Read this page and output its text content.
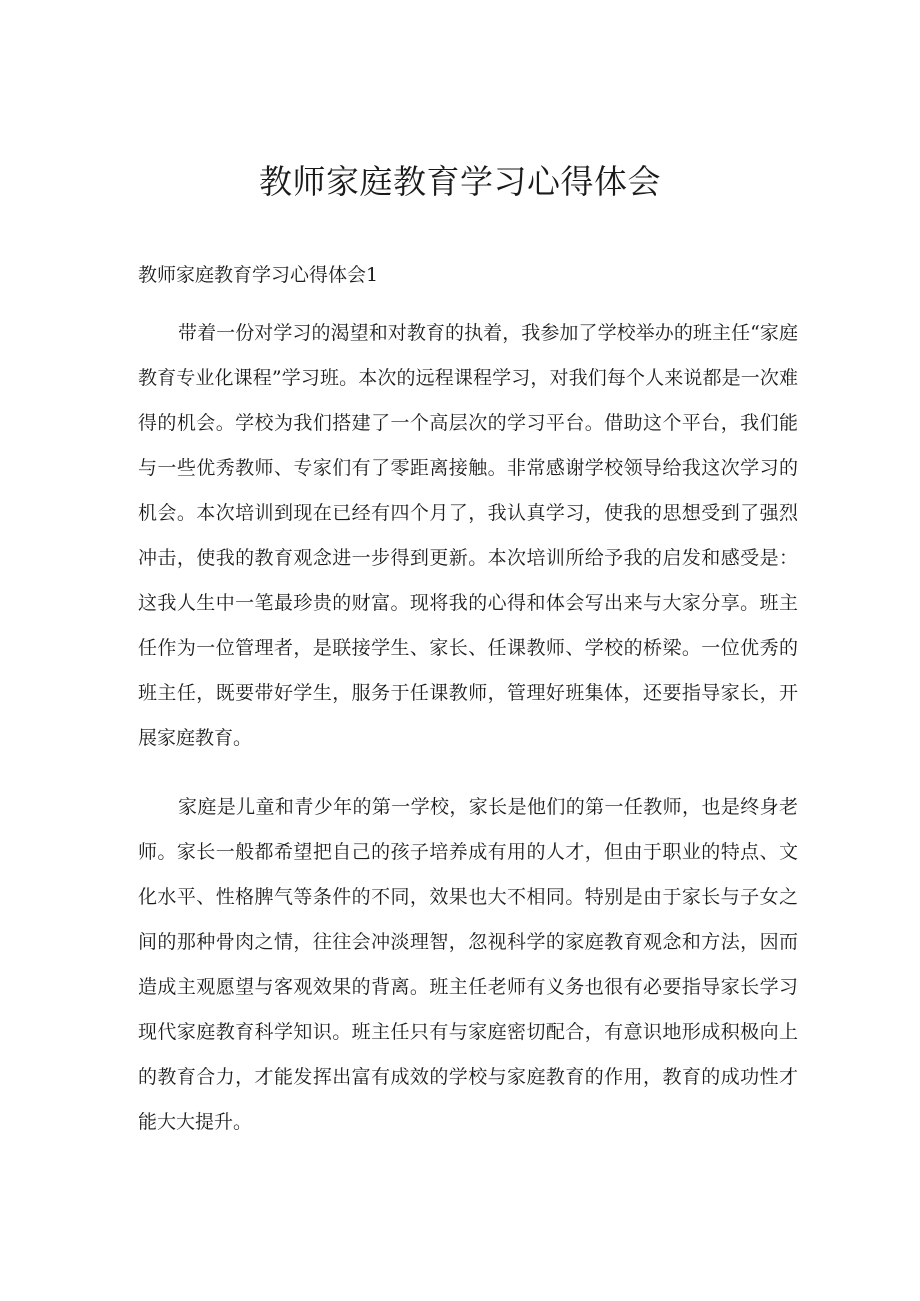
教师家庭教育学习心得体会
教师家庭教育学习心得体会1

带着一份对学习的渴望和对教育的执着，我参加了学校举办的班主任“家庭教育专业化课程”学习班。本次的远程课程学习，对我们每个人来说都是一次难得的机会。学校为我们搭建了一个高层次的学习平台。借助这个平台，我们能与一些优秀教师、专家们有了零距离接触。非常感谢学校领导给我这次学习的机会。本次培训到现在已经有四个月了，我认真学习，使我的思想受到了强烈冲击，使我的教育观念进一步得到更新。本次培训所给予我的启发和感受是：这我人生中一笔最珍贵的财富。现将我的心得和体会写出来与大家分享。班主任作为一位管理者，是联接学生、家长、任课教师、学校的桥梁。一位优秀的班主任，既要带好学生，服务于任课教师，管理好班集体，还要指导家长，开展家庭教育。

家庭是儿童和青少年的第一学校，家长是他们的第一任教师，也是终身老师。家长一般都希望把自己的孩子培养成有用的人才，但由于职业的特点、文化水平、性格脾气等条件的不同，效果也大不相同。特别是由于家长与子女之间的那种骨肉之情，往往会冲淡理智，忽视科学的家庭教育观念和方法，因而造成主观愿望与客观效果的背离。班主任老师有义务也很有必要指导家长学习现代家庭教育科学知识。班主任只有与家庭密切配合，有意识地形成积极向上的教育合力，才能发挥出富有成效的学校与家庭教育的作用，教育的成功性才能大大提升。
